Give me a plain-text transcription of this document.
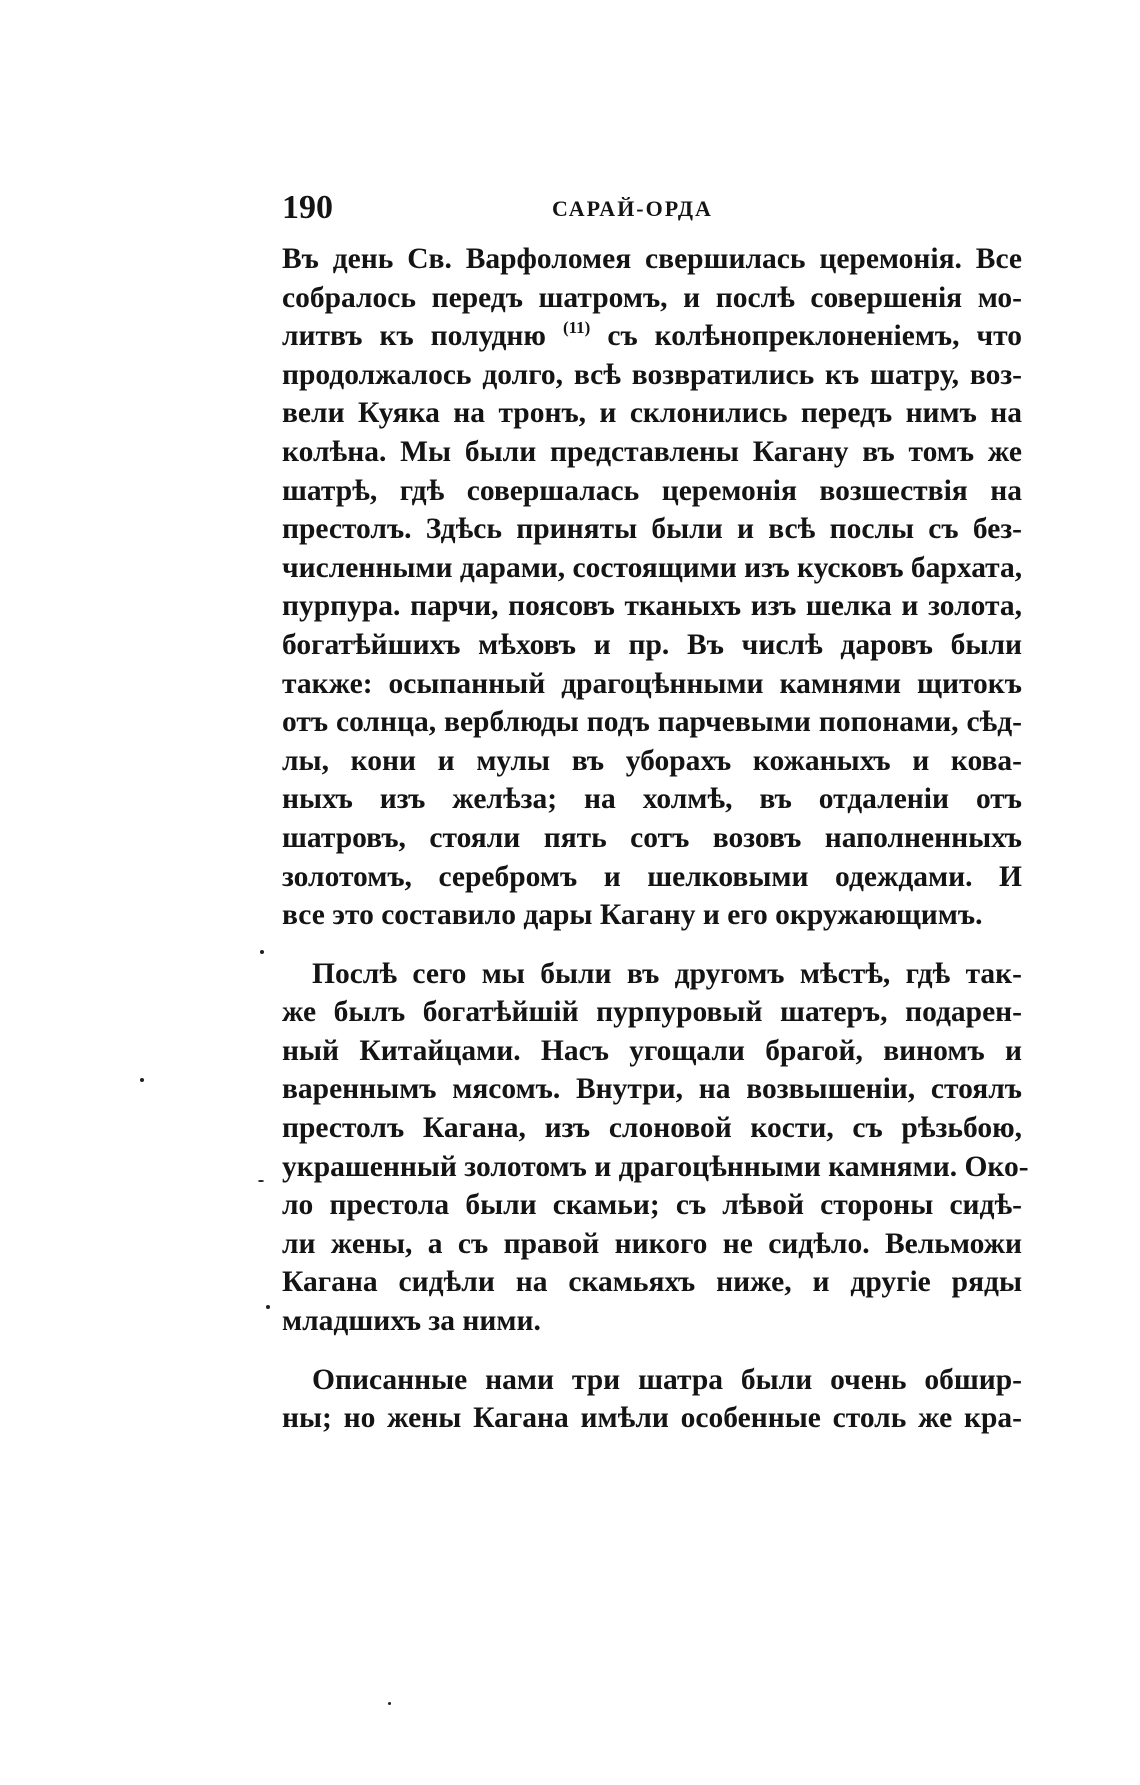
190	САРАЙ-ОРДА

Въ день Св. Варфоломея свершилась церемонія. Все
собралось передъ шатромъ, и послѣ совершенія мо-
литвъ къ полудню $^{(11)}$ съ колѣнопреклоненіемъ, что
продолжалось долго, всѣ возвратились къ шатру, воз-
вели Куяка на тронъ, и склонились передъ нимъ на
колѣна. Мы были представлены Кагану въ томъ же
шатрѣ, гдѣ совершалась церемонія возшествія на
престолъ. Здѣсь приняты были и всѣ послы съ без-
численными дарами, состоящими изъ кусковъ бархата,
пурпура. парчи, поясовъ тканыхъ изъ шелка и золота,
богатѣйшихъ мѣховъ и пр. Въ числѣ даровъ были
также: осыпанный драгоцѣнными камнями щитокъ
отъ солнца, верблюды подъ парчевыми попонами, сѣд-
лы, кони и мулы въ уборахъ кожаныхъ и кова-
ныхъ изъ желѣза; на холмѣ, въ отдаленіи отъ
шатровъ, стояли пять сотъ возовъ наполненныхъ
золотомъ, серебромъ и шелковыми одеждами. И
все это составило дары Кагану и его окружающимъ.

Послѣ сего мы были въ другомъ мѣстѣ, гдѣ так-
же былъ богатѣйшій пурпуровый шатеръ, подарен-
ный Китайцами. Насъ угощали брагой, виномъ и
вареннымъ мясомъ. Внутри, на возвышеніи, стоялъ
престолъ Кагана, изъ слоновой кости, съ рѣзьбою,
украшенный золотомъ и драгоцѣнными камнями. Око-
ло престола были скамьи; съ лѣвой стороны сидѣ-
ли жены, а съ правой никого не сидѣло. Вельможи
Кагана сидѣли на скамьяхъ ниже, и другіе ряды
младшихъ за ними.

Описанные нами три шатра были очень обшир-
ны; но жены Кагана имѣли особенные столь же кра-
